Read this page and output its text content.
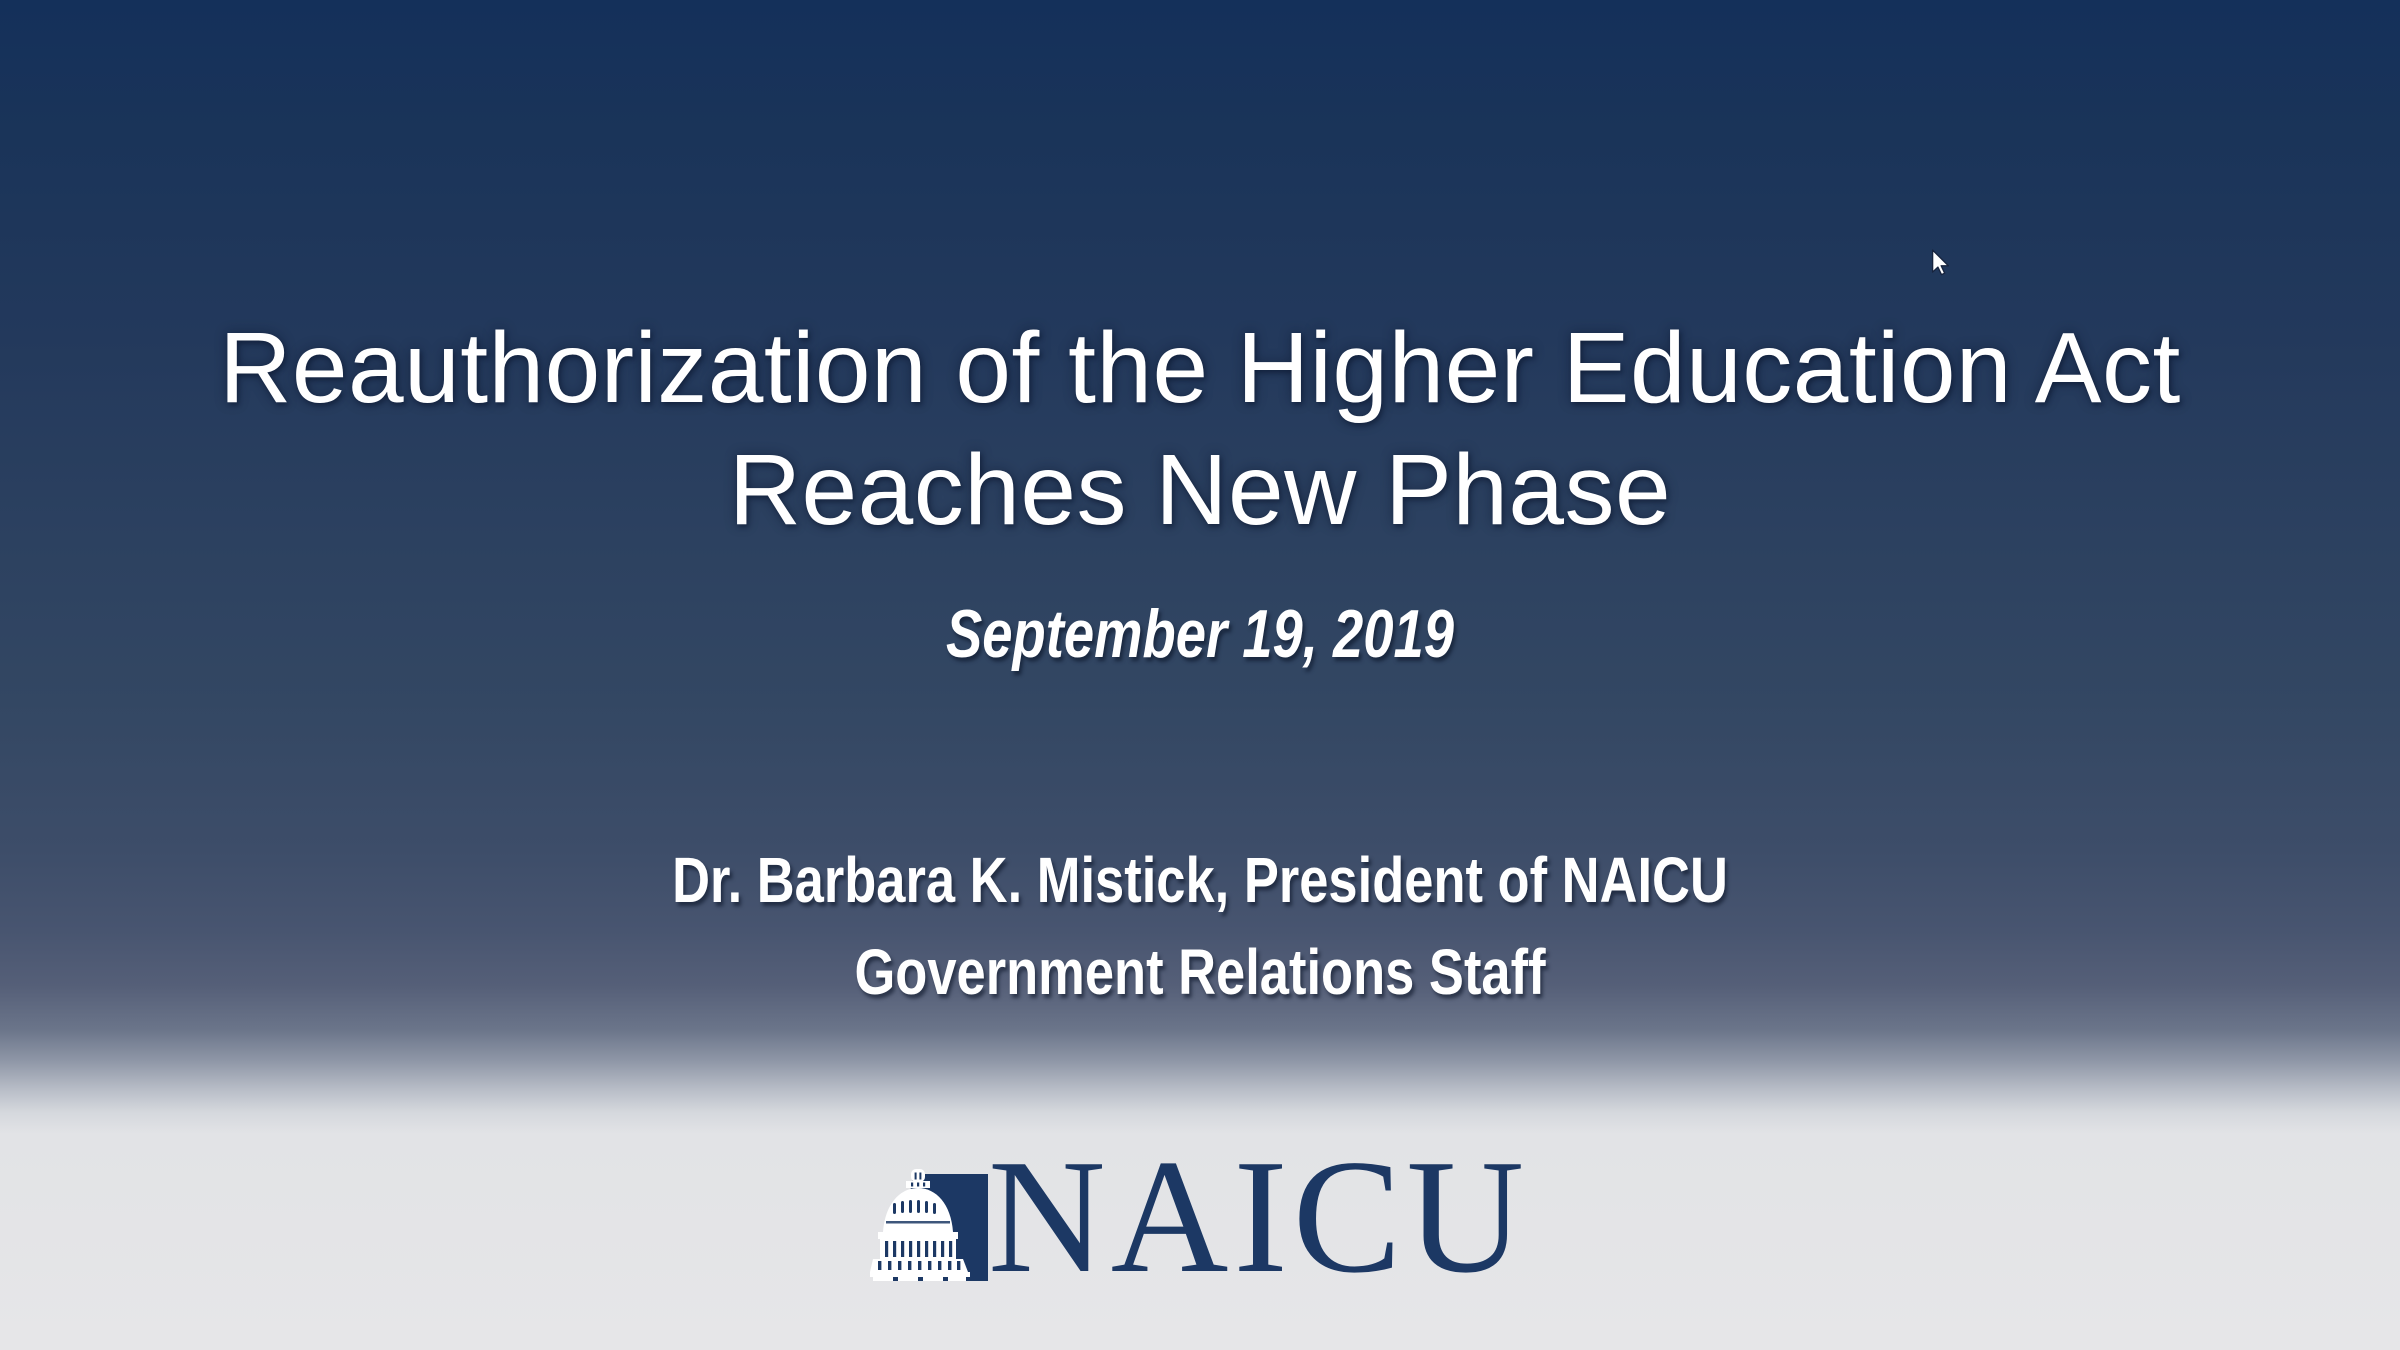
Reauthorization of the Higher Education Act
Reaches New Phase
September 19, 2019
Dr. Barbara K. Mistick, President of NAICU
Government Relations Staff
NAICU
